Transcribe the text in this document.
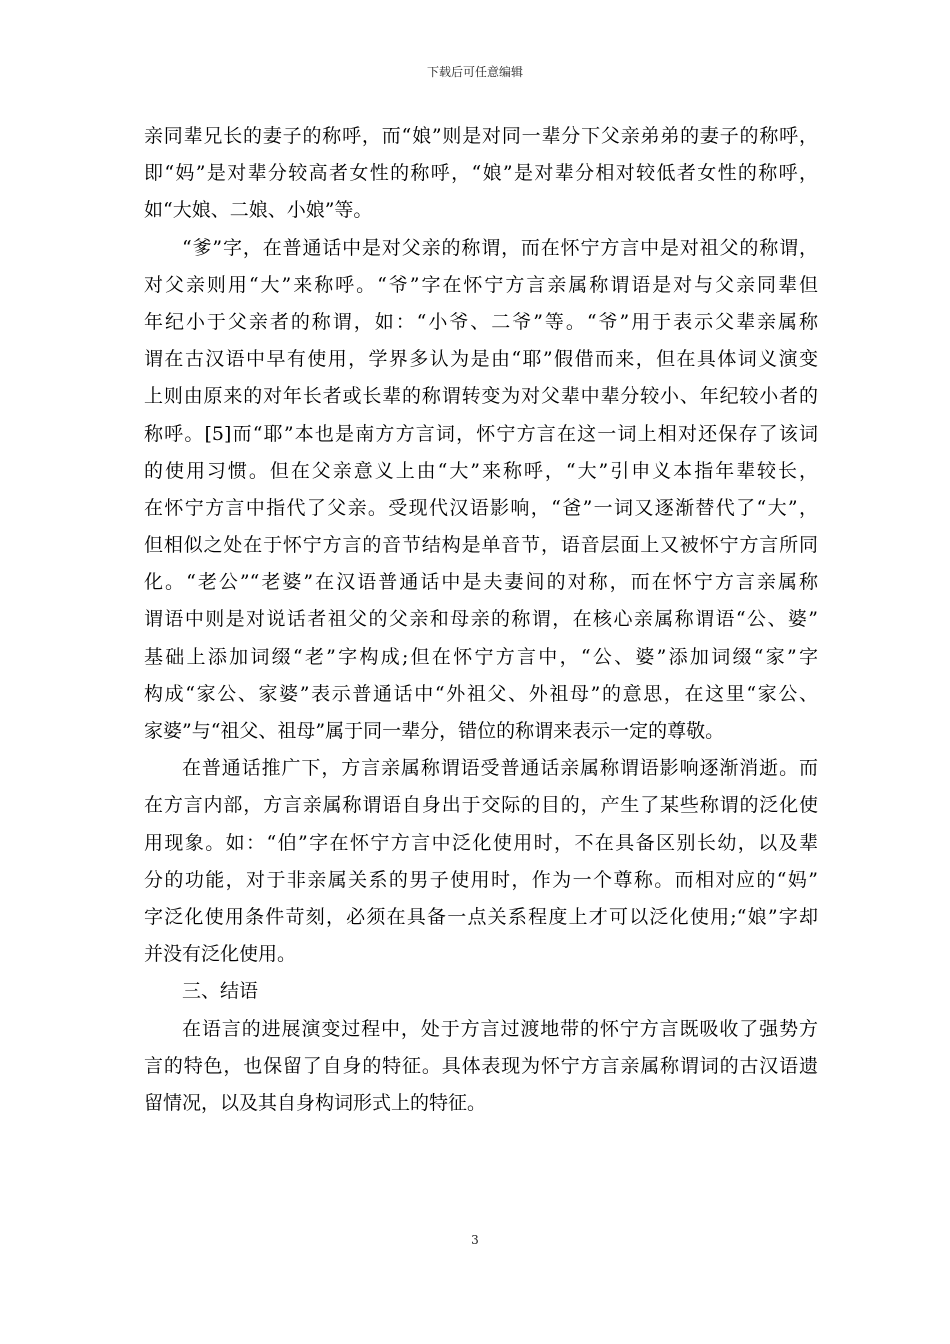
下载后可任意编辑
亲同辈兄长的妻子的称呼，而“娘”则是对同一辈分下父亲弟弟的妻子的称呼，
即“妈”是对辈分较高者女性的称呼，“娘”是对辈分相对较低者女性的称呼，
如“大娘、二娘、小娘”等。
“爹”字，在普通话中是对父亲的称谓，而在怀宁方言中是对祖父的称谓，
对父亲则用“大”来称呼。“爷”字在怀宁方言亲属称谓语是对与父亲同辈但
年纪小于父亲者的称谓，如：“小爷、二爷”等。“爷”用于表示父辈亲属称
谓在古汉语中早有使用，学界多认为是由“耶”假借而来，但在具体词义演变
上则由原来的对年长者或长辈的称谓转变为对父辈中辈分较小、年纪较小者的
称呼。[5]而“耶”本也是南方方言词，怀宁方言在这一词上相对还保存了该词
的使用习惯。但在父亲意义上由“大”来称呼，“大”引申义本指年辈较长，
在怀宁方言中指代了父亲。受现代汉语影响，“爸”一词又逐渐替代了“大”，
但相似之处在于怀宁方言的音节结构是单音节，语音层面上又被怀宁方言所同
化。“老公”“老婆”在汉语普通话中是夫妻间的对称，而在怀宁方言亲属称
谓语中则是对说话者祖父的父亲和母亲的称谓，在核心亲属称谓语“公、婆”
基础上添加词缀“老”字构成;但在怀宁方言中，“公、婆”添加词缀“家”字
构成“家公、家婆”表示普通话中“外祖父、外祖母”的意思，在这里“家公、
家婆”与“祖父、祖母”属于同一辈分，错位的称谓来表示一定的尊敬。
在普通话推广下，方言亲属称谓语受普通话亲属称谓语影响逐渐消逝。而
在方言内部，方言亲属称谓语自身出于交际的目的，产生了某些称谓的泛化使
用现象。如：“伯”字在怀宁方言中泛化使用时，不在具备区别长幼，以及辈
分的功能，对于非亲属关系的男子使用时，作为一个尊称。而相对应的“妈”
字泛化使用条件苛刻，必须在具备一点关系程度上才可以泛化使用;“娘”字却
并没有泛化使用。
三、结语
在语言的进展演变过程中，处于方言过渡地带的怀宁方言既吸收了强势方
言的特色，也保留了自身的特征。具体表现为怀宁方言亲属称谓词的古汉语遗
留情况，以及其自身构词形式上的特征。
3
